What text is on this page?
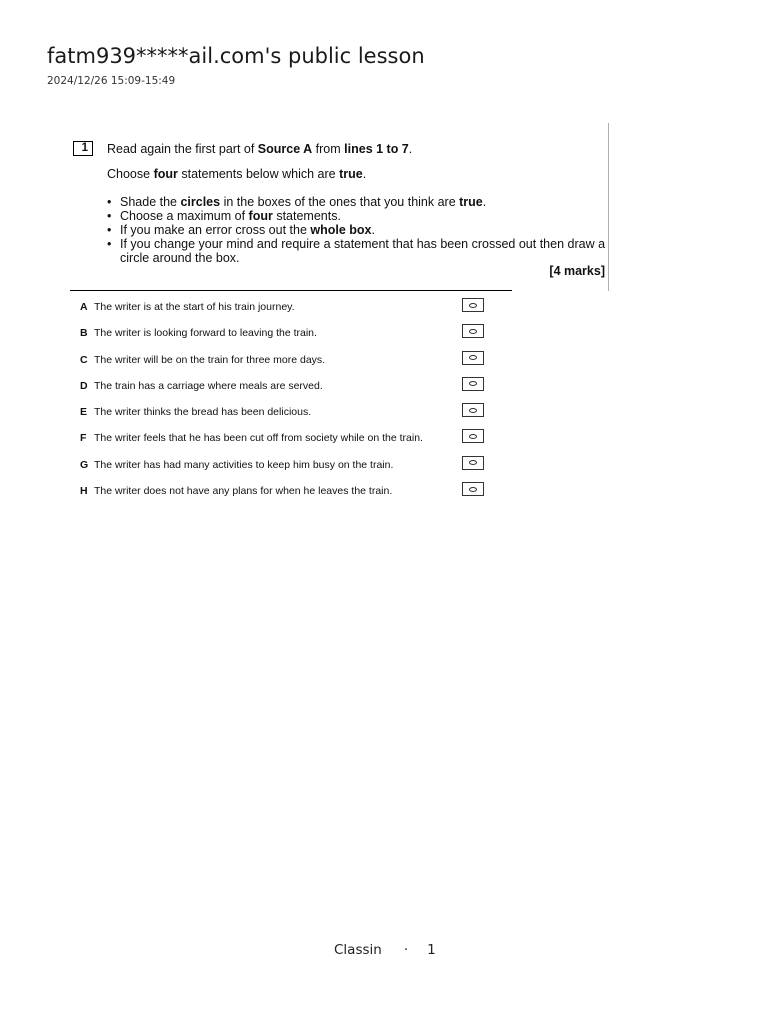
fatm939*****ail.com's public lesson
2024/12/26 15:09-15:49
1	Read again the first part of Source A from lines 1 to 7.
Choose four statements below which are true.
• Shade the circles in the boxes of the ones that you think are true.
• Choose a maximum of four statements.
• If you make an error cross out the whole box.
• If you change your mind and require a statement that has been crossed out then draw a circle around the box.
[4 marks]
A The writer is at the start of his train journey.
B The writer is looking forward to leaving the train.
C The writer will be on the train for three more days.
D The train has a carriage where meals are served.
E The writer thinks the bread has been delicious.
F The writer feels that he has been cut off from society while on the train.
G The writer has had many activities to keep him busy on the train.
H The writer does not have any plans for when he leaves the train.
Classin · 1
